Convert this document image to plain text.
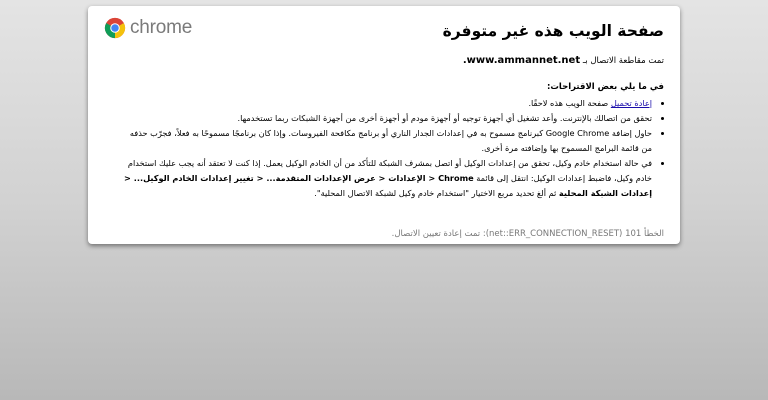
chrome	صفحة الويب هذه غير متوفرة
تمت مقاطعة الاتصال بـ www.ammannet.net.
في ما يلي بعض الاقتراحات:
• إعادة تحميل صفحة الويب هذه لاحقًا.
• تحقق من اتصالك بالإنترنت. وأعد تشغيل أي أجهزة توجيه أو أجهزة مودم أو أجهزة أخرى من أجهزة الشبكات ربما تستخدمها.
• حاول إضافة Google Chrome كبرنامج مسموح به في إعدادات الجدار الناري أو برنامج مكافحة الفيروسات. وإذا كان برنامجًا مسموحًا به فعلاً، فجرّب حذفه من قائمة البرامج المسموح بها وإضافته مرة أخرى.
• في حالة استخدام خادم وكيل، تحقق من إعدادات الوكيل أو اتصل بمشرف الشبكة للتأكد من أن الخادم الوكيل يعمل. إذا كنت لا تعتقد أنه يجب عليك استخدام خادم وكيل، فاضبط إعدادات الوكيل: انتقل إلى قائمة Chrome < الإعدادات < عرض الإعدادات المتقدمة... < تغيير إعدادات الخادم الوكيل... < إعدادات الشبكة المحلية ثم ألغ تحديد مربع الاختيار "استخدام خادم وكيل لشبكة الاتصال المحلية".
الخطأ 101 (net::ERR_CONNECTION_RESET): تمت إعادة تعيين الاتصال.
